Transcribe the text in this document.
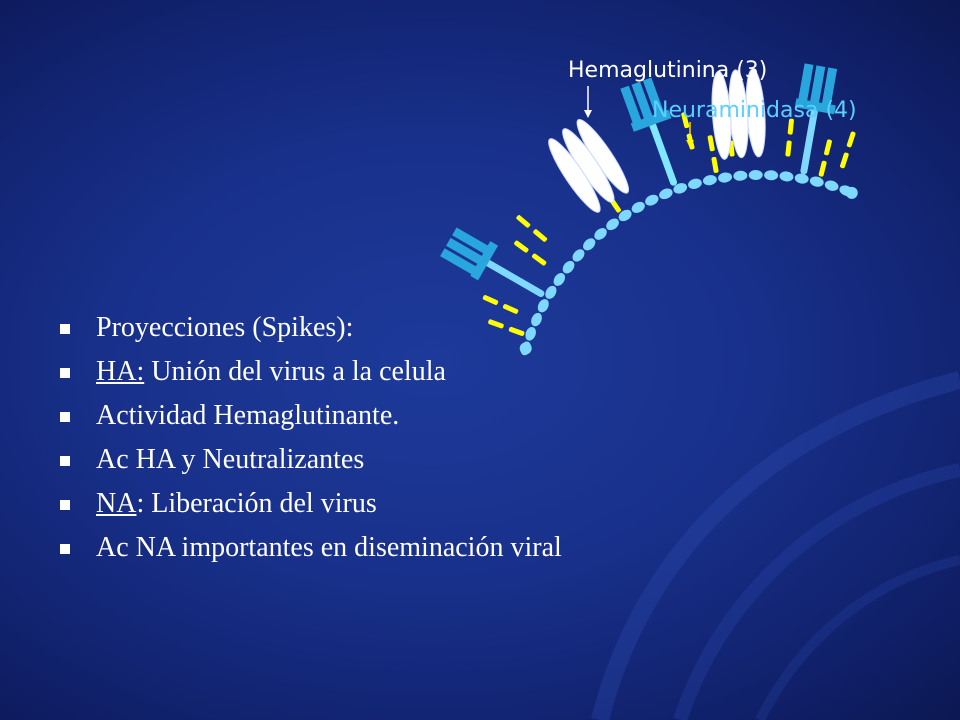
Hemaglutinina (3)
Neuraminidasa (4)
Proyecciones (Spikes):
HA: Unión del virus a la celula
Actividad Hemaglutinante.
Ac HA y Neutralizantes
NA: Liberación del virus
Ac NA importantes en diseminación viral
